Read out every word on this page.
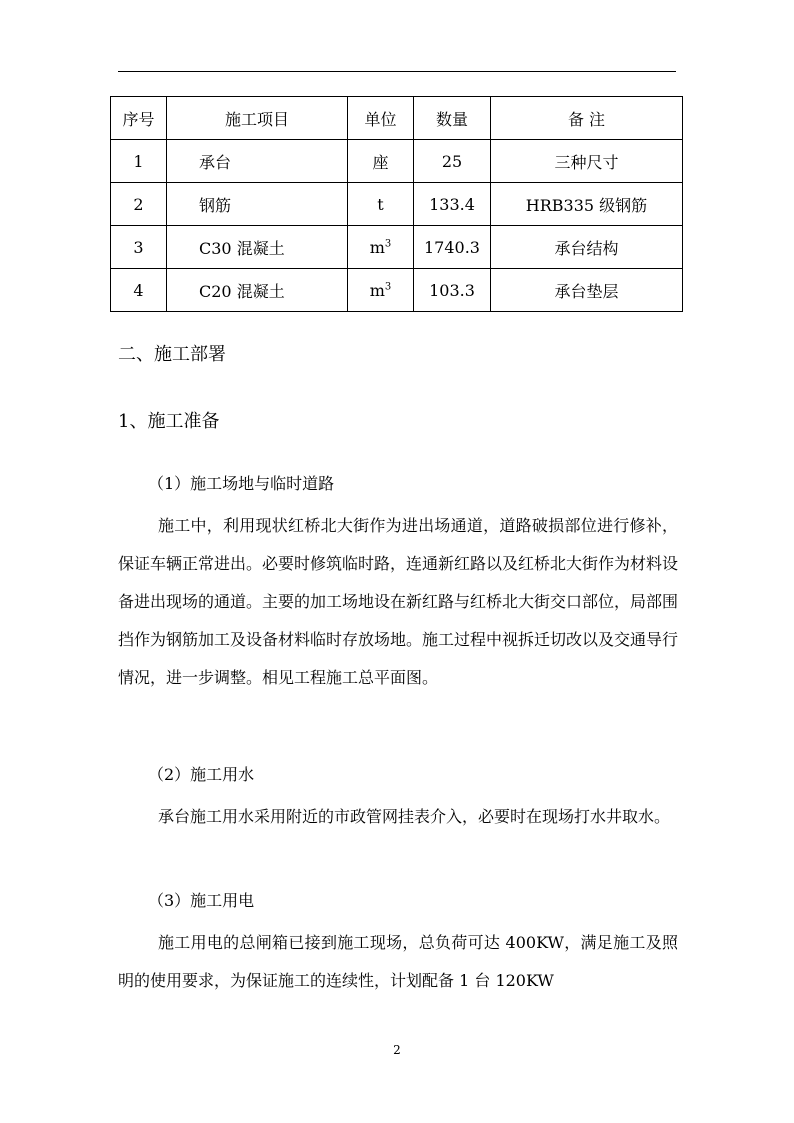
序号	施工项目	单位	数量	备 注
1	承台	座	25	三种尺寸
2	钢筋	t	133.4	HRB335 级钢筋
3	C30 混凝土	$m^3$	1740.3	承台结构
4	C20 混凝土	$m^3$	103.3	承台垫层
二、施工部署
1、施工准备
（1）施工场地与临时道路
施工中，利用现状红桥北大街作为进出场通道，道路破损部位进行修补，保证车辆正常进出。必要时修筑临时路，连通新红路以及红桥北大街作为材料设备进出现场的通道。主要的加工场地设在新红路与红桥北大街交口部位，局部围挡作为钢筋加工及设备材料临时存放场地。施工过程中视拆迁切改以及交通导行情况，进一步调整。相见工程施工总平面图。
（2）施工用水
承台施工用水采用附近的市政管网挂表介入，必要时在现场打水井取水。
（3）施工用电
施工用电的总闸箱已接到施工现场，总负荷可达 400KW，满足施工及照明的使用要求，为保证施工的连续性，计划配备 1 台 120KW
2
